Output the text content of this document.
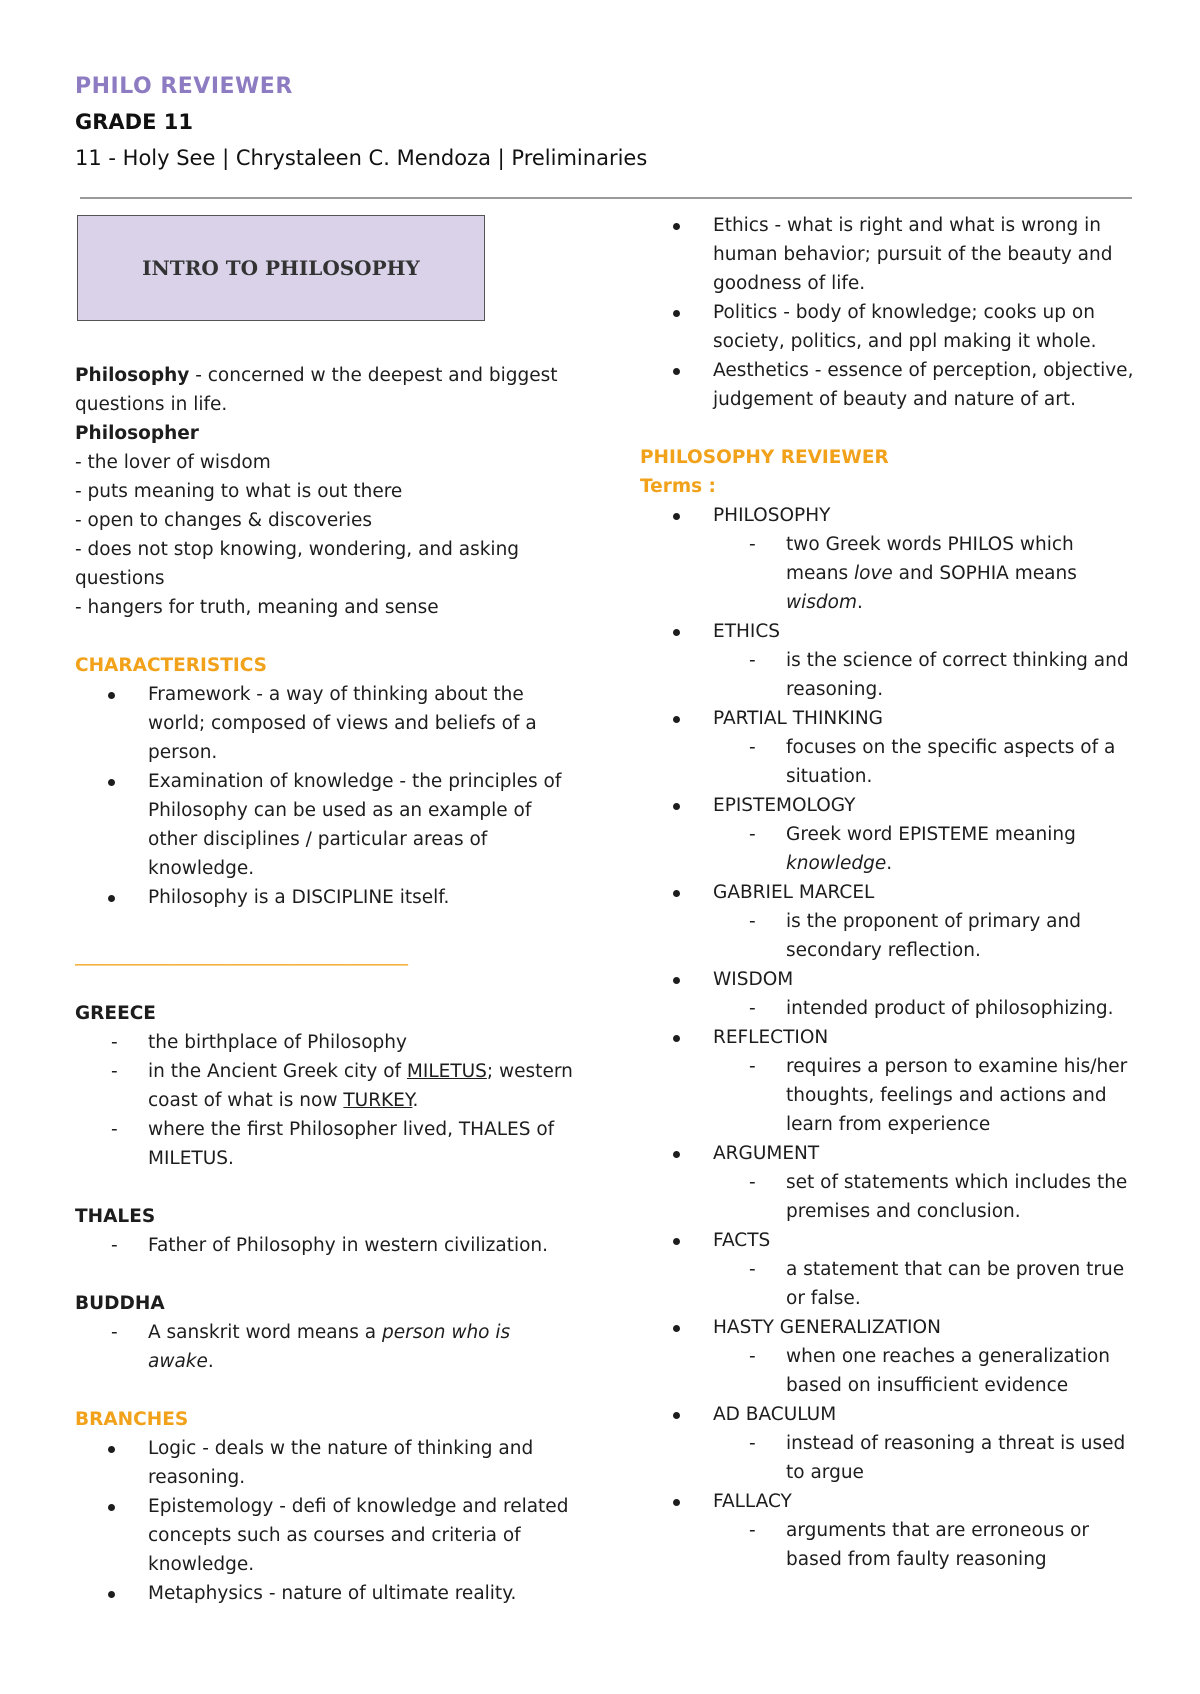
PHILO REVIEWER
GRADE 11
11 - Holy See | Chrystaleen C. Mendoza | Preliminaries
INTRO TO PHILOSOPHY

Philosophy - concerned w the deepest and biggest questions in life.

Philosopher

- the lover of wisdom

- puts meaning to what is out there

- open to changes & discoveries

- does not stop knowing, wondering, and asking questions

- hangers for truth, meaning and sense

CHARACTERISTICS

Framework - a way of thinking about the world; composed of views and beliefs of a person.
Examination of knowledge - the principles of Philosophy can be used as an example of other disciplines / particular areas of knowledge.
Philosophy is a DISCIPLINE itself.

____________________________________

GREECE

- the birthplace of Philosophy
- in the Ancient Greek city of MILETUS; western coast of what is now TURKEY.
- where the first Philosopher lived, THALES of MILETUS.

THALES

- Father of Philosophy in western civilization.

BUDDHA

- A sanskrit word means a person who is awake.

BRANCHES

Logic - deals w the nature of thinking and reasoning.
Epistemology - defi of knowledge and related concepts such as courses and criteria of knowledge.
Metaphysics - nature of ultimate reality.
Ethics - what is right and what is wrong in human behavior; pursuit of the beauty and goodness of life.
Politics - body of knowledge; cooks up on society, politics, and ppl making it whole.
Aesthetics - essence of perception, objective, judgement of beauty and nature of art.

PHILOSOPHY REVIEWER

Terms :

PHILOSOPHY
- two Greek words PHILOS which means love and SOPHIA means wisdom.
ETHICS
- is the science of correct thinking and reasoning.
PARTIAL THINKING
- focuses on the specific aspects of a situation.
EPISTEMOLOGY
- Greek word EPISTEME meaning knowledge.
GABRIEL MARCEL
- is the proponent of primary and secondary reflection.
WISDOM
- intended product of philosophizing.
REFLECTION
- requires a person to examine his/her thoughts, feelings and actions and learn from experience
ARGUMENT
- set of statements which includes the premises and conclusion.
FACTS
- a statement that can be proven true or false.
HASTY GENERALIZATION
- when one reaches a generalization based on insufficient evidence
AD BACULUM
- instead of reasoning a threat is used to argue
FALLACY
- arguments that are erroneous or based from faulty reasoning
